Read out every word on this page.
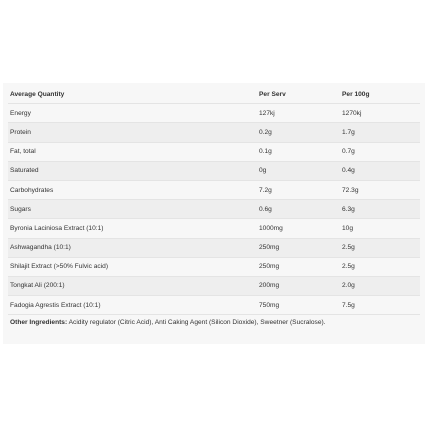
Average Quantity	Per Serv	Per 100g
Energy	127kj	1270kj
Protein	0.2g	1.7g
Fat, total	0.1g	0.7g
Saturated	0g	0.4g
Carbohydrates	7.2g	72.3g
Sugars	0.6g	6.3g
Byronia Laciniosa Extract (10:1)	1000mg	10g
Ashwagandha (10:1)	250mg	2.5g
Shilajit Extract (>50% Fulvic acid)	250mg	2.5g
Tongkat Ali (200:1)	200mg	2.0g
Fadogia Agrestis Extract (10:1)	750mg	7.5g
Other Ingredients: Acidity regulator (Citric Acid), Anti Caking Agent (Silicon Dioxide), Sweetner (Sucralose).
